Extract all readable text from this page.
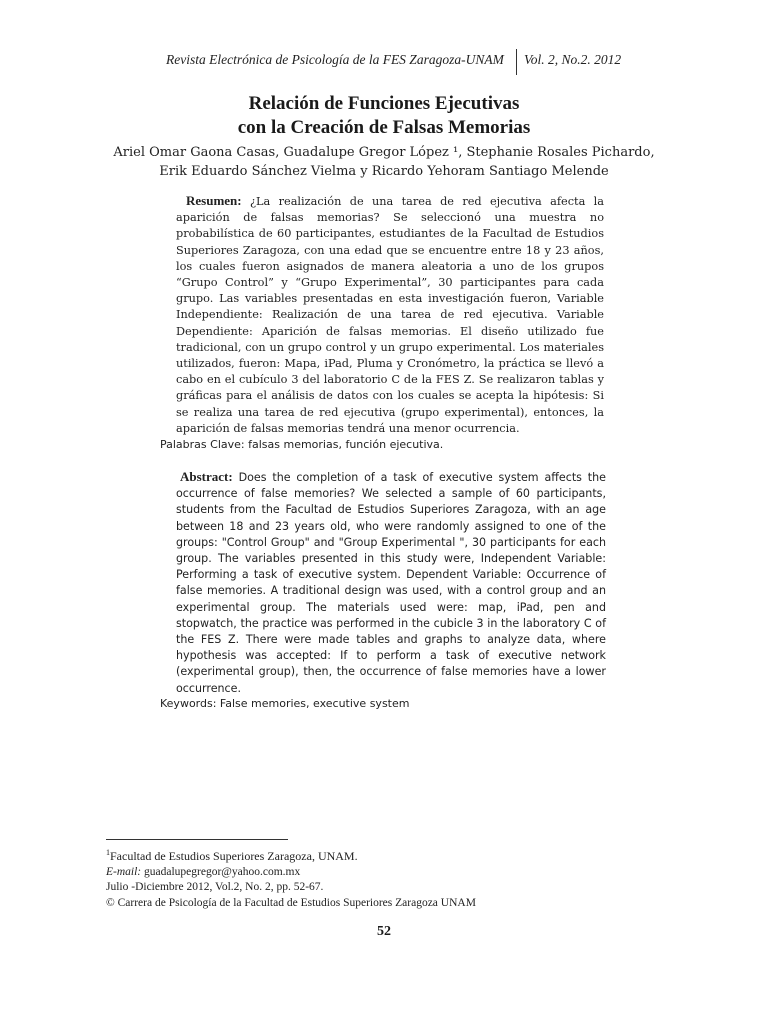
Revista Electrónica de Psicología de la FES Zaragoza-UNAM Vol. 2, No.2. 2012
Relación de Funciones Ejecutivas
con la Creación de Falsas Memorias
Ariel Omar Gaona Casas, Guadalupe Gregor López ¹, Stephanie Rosales Pichardo,
Erik Eduardo Sánchez Vielma y Ricardo Yehoram Santiago Melende

Resumen: ¿La realización de una tarea de red ejecutiva afecta la aparición de falsas memorias? Se seleccionó una muestra no probabilística de 60 participantes, estudiantes de la Facultad de Estudios Superiores Zaragoza, con una edad que se encuentre entre 18 y 23 años, los cuales fueron asignados de manera aleatoria a uno de los grupos “Grupo Control” y “Grupo Experimental”, 30 participantes para cada grupo. Las variables presentadas en esta investigación fueron, Variable Independiente: Realización de una tarea de red ejecutiva. Variable Dependiente: Aparición de falsas memorias. El diseño utilizado fue tradicional, con un grupo control y un grupo experimental. Los materiales utilizados, fueron: Mapa, iPad, Pluma y Cronómetro, la práctica se llevó a cabo en el cubículo 3 del laboratorio C de la FES Z. Se realizaron tablas y gráficas para el análisis de datos con los cuales se acepta la hipótesis: Si se realiza una tarea de red ejecutiva (grupo experimental), entonces, la aparición de falsas memorias tendrá una menor ocurrencia.

Palabras Clave: falsas memorias, función ejecutiva.

Abstract: Does the completion of a task of executive system affects the occurrence of false memories? We selected a sample of 60 participants, students from the Facultad de Estudios Superiores Zaragoza, with an age between 18 and 23 years old, who were randomly assigned to one of the groups: "Control Group" and "Group Experimental ", 30 participants for each group. The variables presented in this study were, Independent Variable: Performing a task of executive system. Dependent Variable: Occurrence of false memories. A traditional design was used, with a control group and an experimental group. The materials used were: map, iPad, pen and stopwatch, the practice was performed in the cubicle 3 in the laboratory C of the FES Z. There were made tables and graphs to analyze data, where hypothesis was accepted: If to perform a task of executive network (experimental group), then, the occurrence of false memories have a lower occurrence.

Keywords: False memories, executive system
$^1$Facultad de Estudios Superiores Zaragoza, UNAM.
E-mail: guadalupegregor@yahoo.com.mx
Julio -Diciembre 2012, Vol.2, No. 2, pp. 52-67.
© Carrera de Psicología de la Facultad de Estudios Superiores Zaragoza UNAM
52
